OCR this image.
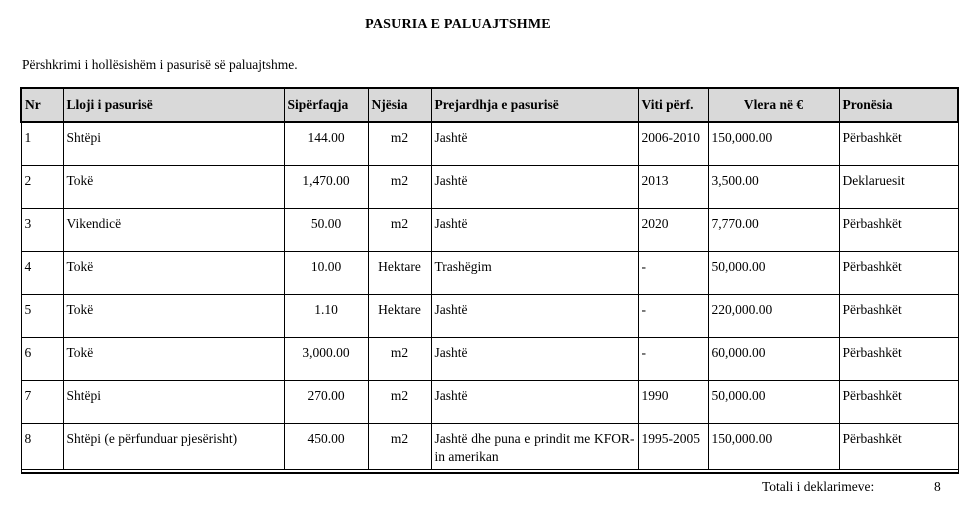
PASURIA E PALUAJTSHME
Përshkrimi i hollësishëm i pasurisë së paluajtshme.
Nr	Lloji i pasurisë	Sipërfaqja	Njësia	Prejardhja e pasurisë	Viti përf.	Vlera në €	Pronësia
1	Shtëpi	144.00	m2	Jashtë	2006-2010	150,000.00	Përbashkët
2	Tokë	1,470.00	m2	Jashtë	2013	3,500.00	Deklaruesit
3	Vikendicë	50.00	m2	Jashtë	2020	7,770.00	Përbashkët
4	Tokë	10.00	Hektare	Trashëgim	-	50,000.00	Përbashkët
5	Tokë	1.10	Hektare	Jashtë	-	220,000.00	Përbashkët
6	Tokë	3,000.00	m2	Jashtë	-	60,000.00	Përbashkët
7	Shtëpi	270.00	m2	Jashtë	1990	50,000.00	Përbashkët
8	Shtëpi (e përfunduar pjesërisht)	450.00	m2	Jashtë dhe puna e prindit me KFOR-in amerikan	1995-2005	150,000.00	Përbashkët

Totali i deklarimeve:	8
